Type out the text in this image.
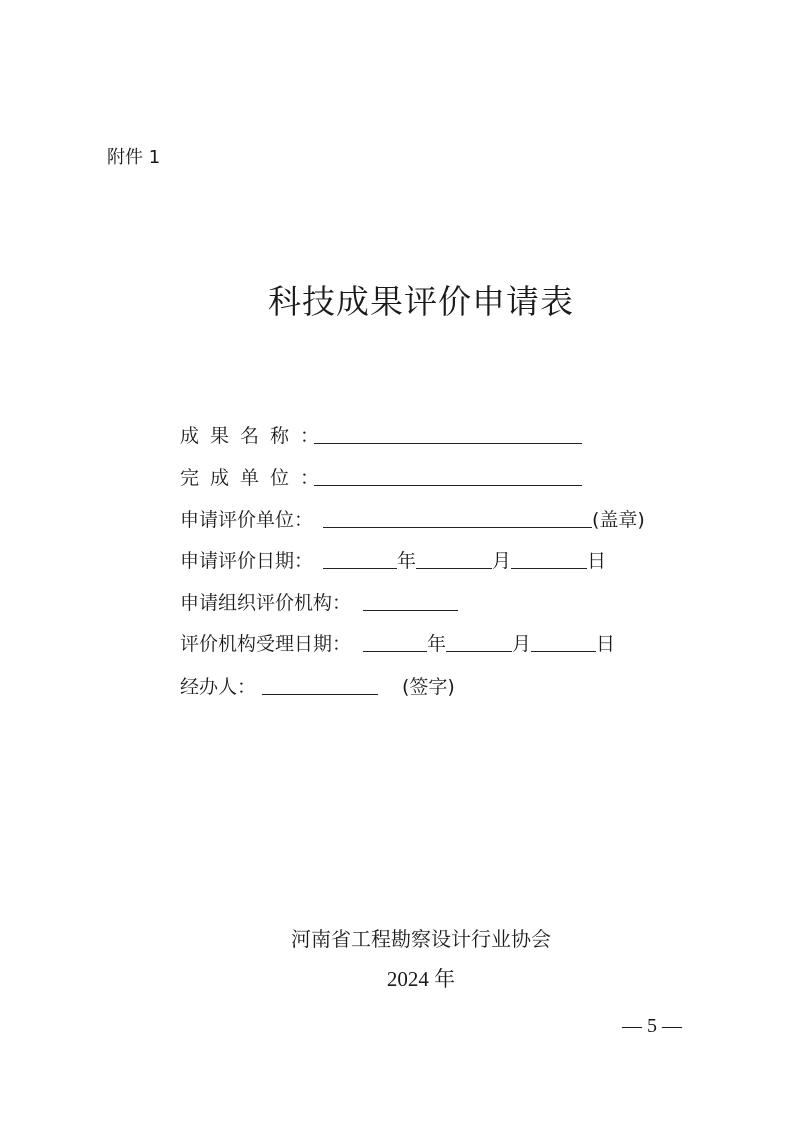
附件 1
科技成果评价申请表
成果名称：
完成单位：
申请评价单位：	(盖章)
申请评价日期：	年	月	日
申请组织评价机构：
评价机构受理日期：	年	月	日
经办人：	(签字)
河南省工程勘察设计行业协会
2024 年
— 5 —
